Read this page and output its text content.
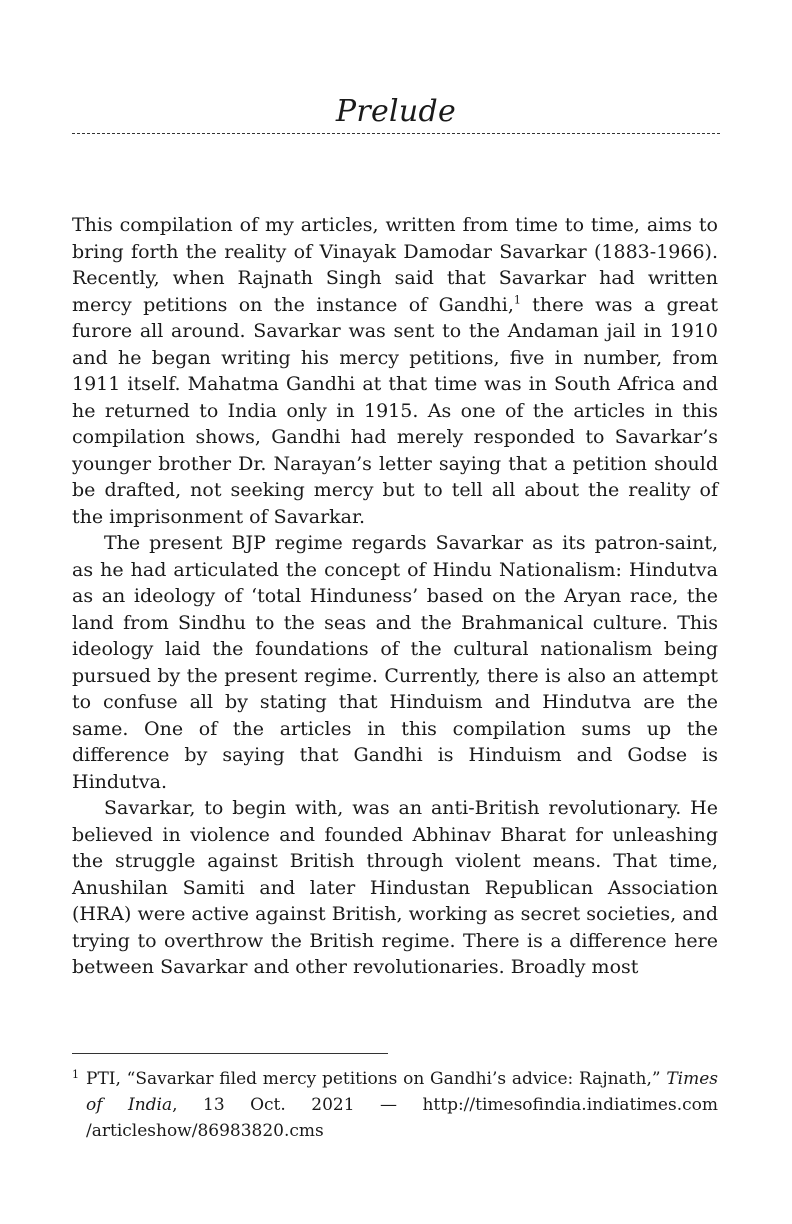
Prelude

This compilation of my articles, written from time to time, aims to bring forth the reality of Vinayak Damodar Savarkar (1883-1966). Recently, when Rajnath Singh said that Savarkar had written mercy petitions on the instance of Gandhi,$^1$ there was a great furore all around. Savarkar was sent to the Andaman jail in 1910 and he began writing his mercy petitions, five in number, from 1911 itself. Mahatma Gandhi at that time was in South Africa and he returned to India only in 1915. As one of the articles in this compilation shows, Gandhi had merely responded to Savarkar’s younger brother Dr. Narayan’s letter saying that a petition should be drafted, not seeking mercy but to tell all about the reality of the imprisonment of Savarkar.

The present BJP regime regards Savarkar as its patron-saint, as he had articulated the concept of Hindu Nationalism: Hindutva as an ideology of ‘total Hinduness’ based on the Aryan race, the land from Sindhu to the seas and the Brahmanical culture. This ideology laid the foundations of the cultural nationalism being pursued by the present regime. Currently, there is also an attempt to confuse all by stating that Hinduism and Hindutva are the same. One of the articles in this compilation sums up the difference by saying that Gandhi is Hinduism and Godse is Hindutva.

Savarkar, to begin with, was an anti-British revolutionary. He believed in violence and founded Abhinav Bharat for unleashing the struggle against British through violent means. That time, Anushilan Samiti and later Hindustan Republican Association (HRA) were active against British, working as secret societies, and trying to overthrow the British regime. There is a difference here between Savarkar and other revolutionaries. Broadly most

1 PTI, “Savarkar filed mercy petitions on Gandhi’s advice: Rajnath,” Times of India, 13 Oct. 2021 — http://timesofindia.indiatimes.com /articleshow/86983820.cms
